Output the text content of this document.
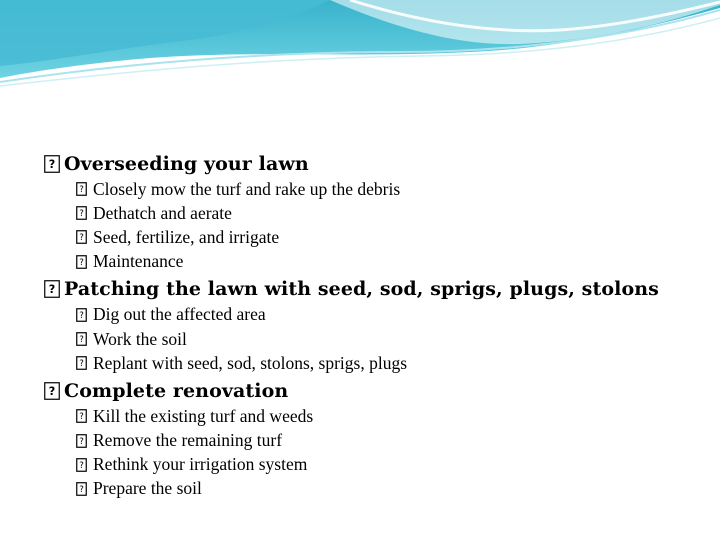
? Overseeding your lawn
? Closely mow the turf and rake up the debris
? Dethatch and aerate
? Seed, fertilize, and irrigate
? Maintenance
? Patching the lawn with seed, sod, sprigs, plugs, stolons
? Dig out the affected area
? Work the soil
? Replant with seed, sod, stolons, sprigs, plugs
? Complete renovation
? Kill the existing turf and weeds
? Remove the remaining turf
? Rethink your irrigation system
? Prepare the soil
